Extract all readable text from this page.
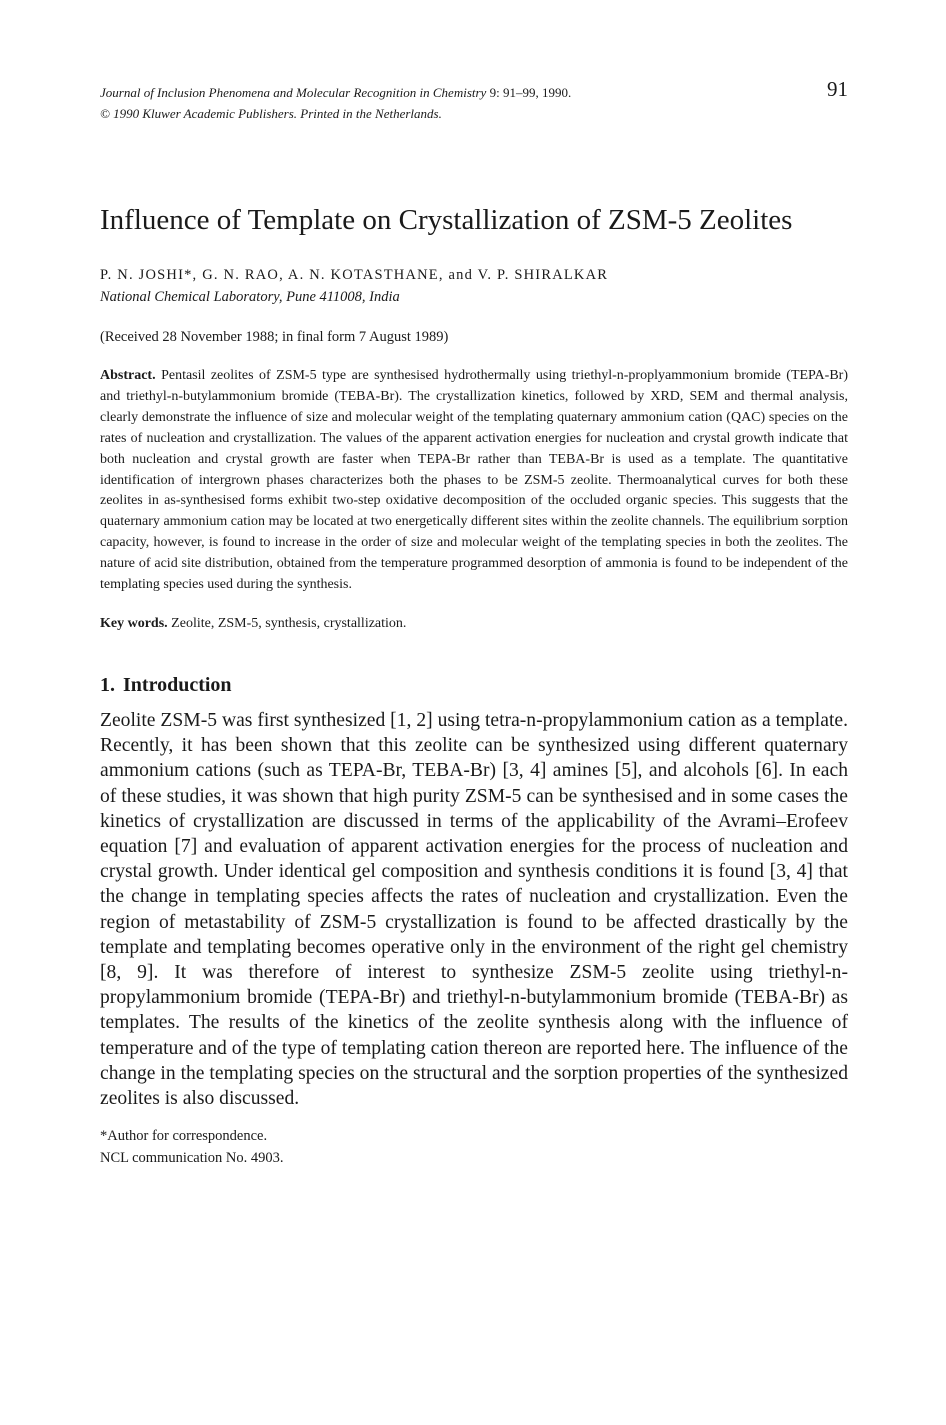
Journal of Inclusion Phenomena and Molecular Recognition in Chemistry 9: 91–99, 1990.
© 1990 Kluwer Academic Publishers. Printed in the Netherlands.
91
Influence of Template on Crystallization of ZSM-5 Zeolites
P. N. JOSHI*, G. N. RAO, A. N. KOTASTHANE, and V. P. SHIRALKAR
National Chemical Laboratory, Pune 411008, India
(Received 28 November 1988; in final form 7 August 1989)
Abstract. Pentasil zeolites of ZSM-5 type are synthesised hydrothermally using triethyl-n-proplyammonium bromide (TEPA-Br) and triethyl-n-butylammonium bromide (TEBA-Br). The crystallization kinetics, followed by XRD, SEM and thermal analysis, clearly demonstrate the influence of size and molecular weight of the templating quaternary ammonium cation (QAC) species on the rates of nucleation and crystallization. The values of the apparent activation energies for nucleation and crystal growth indicate that both nucleation and crystal growth are faster when TEPA-Br rather than TEBA-Br is used as a template. The quantitative identification of intergrown phases characterizes both the phases to be ZSM-5 zeolite. Thermoanalytical curves for both these zeolites in as-synthesised forms exhibit two-step oxidative decomposition of the occluded organic species. This suggests that the quaternary ammonium cation may be located at two energetically different sites within the zeolite channels. The equilibrium sorption capacity, however, is found to increase in the order of size and molecular weight of the templating species in both the zeolites. The nature of acid site distribution, obtained from the temperature programmed desorption of ammonia is found to be independent of the templating species used during the synthesis.
Key words. Zeolite, ZSM-5, synthesis, crystallization.
1. Introduction
Zeolite ZSM-5 was first synthesized [1, 2] using tetra-n-propylammonium cation as a template. Recently, it has been shown that this zeolite can be synthesized using different quaternary ammonium cations (such as TEPA-Br, TEBA-Br) [3, 4] amines [5], and alcohols [6]. In each of these studies, it was shown that high purity ZSM-5 can be synthesised and in some cases the kinetics of crystallization are discussed in terms of the applicability of the Avrami–Erofeev equation [7] and evaluation of apparent activation energies for the process of nucleation and crystal growth. Under identical gel composition and synthesis conditions it is found [3, 4] that the change in templating species affects the rates of nucleation and crystallization. Even the region of metastability of ZSM-5 crystallization is found to be affected drastically by the template and templating becomes operative only in the environment of the right gel chemistry [8, 9]. It was therefore of interest to synthesize ZSM-5 zeolite using triethyl-n-propylammonium bromide (TEPA-Br) and triethyl-n-butylammonium bromide (TEBA-Br) as templates. The results of the kinetics of the zeolite synthesis along with the influence of temperature and of the type of templating cation thereon are reported here. The influence of the change in the templating species on the structural and the sorption properties of the synthesized zeolites is also discussed.
*Author for correspondence.
NCL communication No. 4903.
